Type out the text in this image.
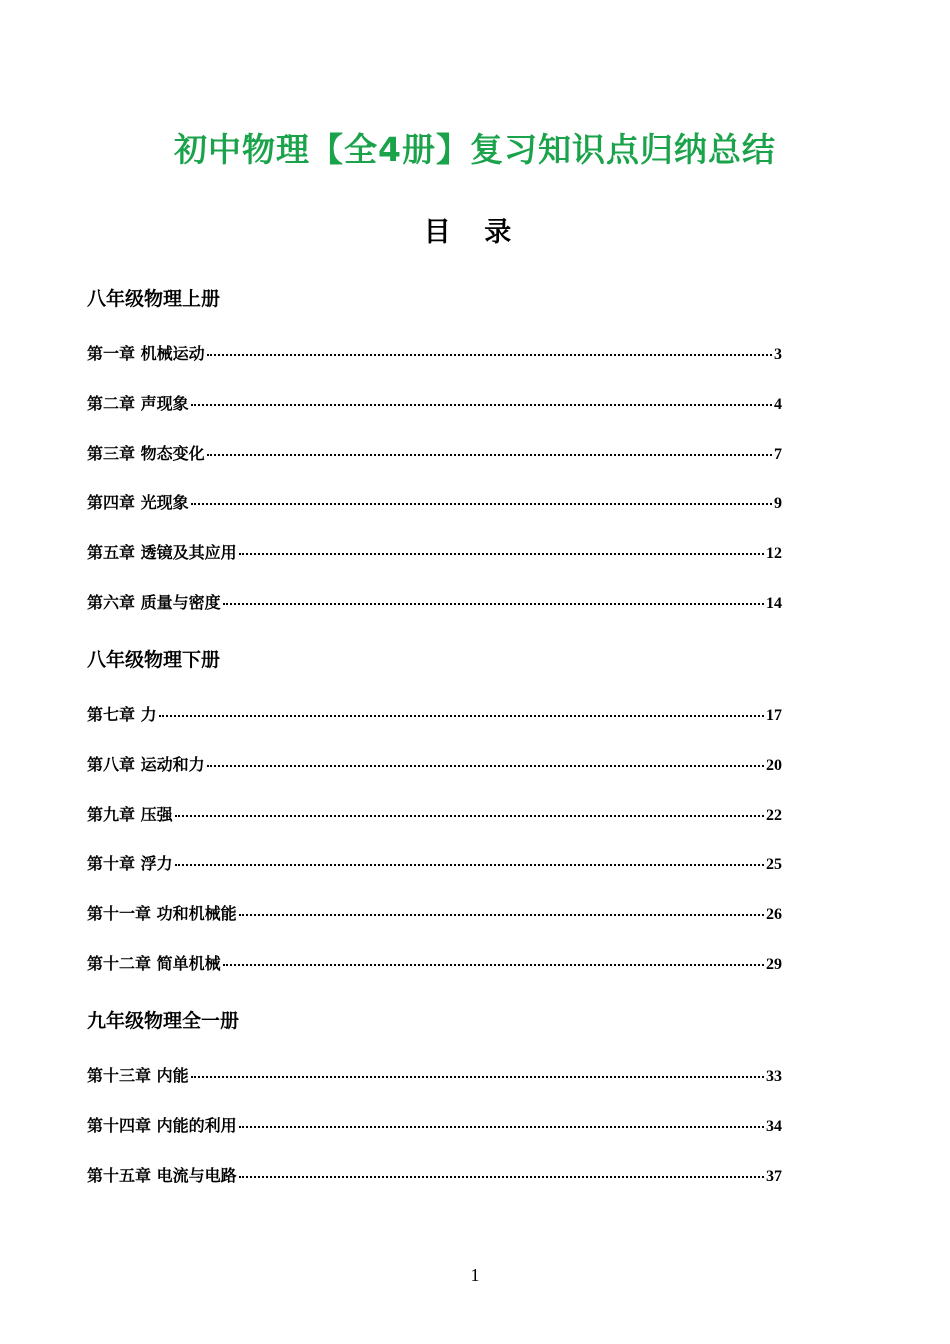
初中物理【全4册】复习知识点归纳总结
目 录
八年级物理上册
第一章 机械运动	3
第二章 声现象	4
第三章 物态变化	7
第四章 光现象	9
第五章 透镜及其应用	12
第六章 质量与密度	14
八年级物理下册
第七章 力	17
第八章 运动和力	20
第九章 压强	22
第十章 浮力	25
第十一章 功和机械能	26
第十二章 简单机械	29
九年级物理全一册
第十三章 内能	33
第十四章 内能的利用	34
第十五章 电流与电路	37
1
